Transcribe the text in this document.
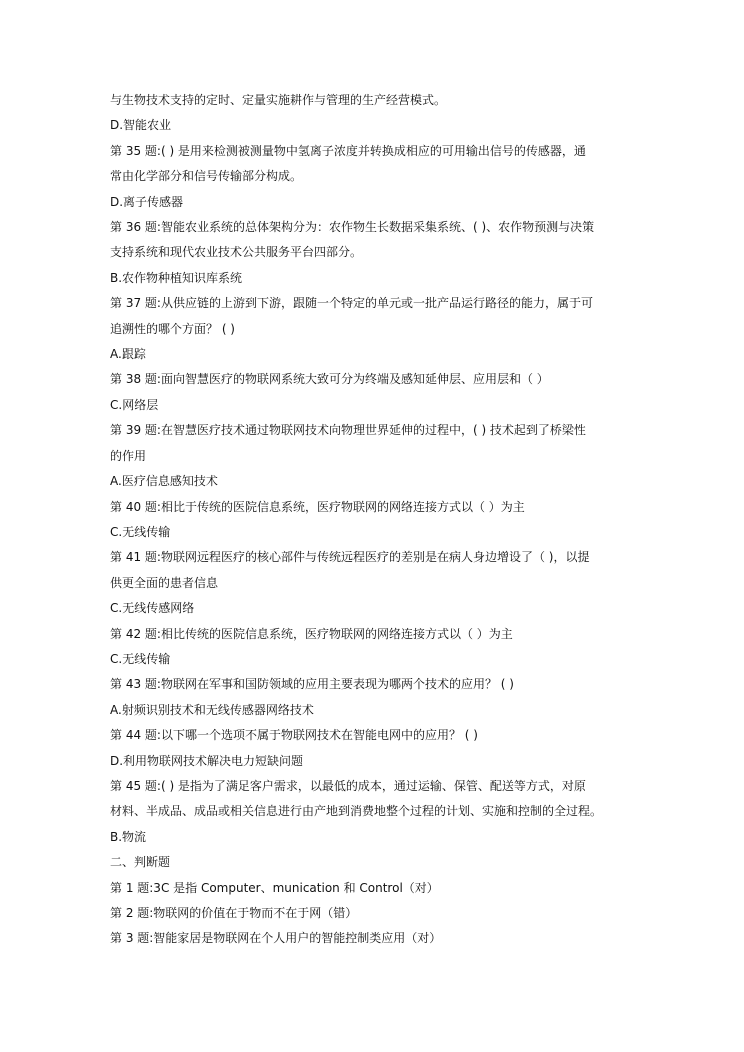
与生物技术支持的定时、定量实施耕作与管理的生产经营模式。
D.智能农业
第 35 题:( ) 是用来检测被测量物中氢离子浓度并转换成相应的可用输出信号的传感器，通
常由化学部分和信号传输部分构成。
D.离子传感器
第 36 题:智能农业系统的总体架构分为：农作物生长数据采集系统、( )、农作物预测与决策
支持系统和现代农业技术公共服务平台四部分。
B.农作物种植知识库系统
第 37 题:从供应链的上游到下游，跟随一个特定的单元或一批产品运行路径的能力，属于可
追溯性的哪个方面？ ( )
A.跟踪
第 38 题:面向智慧医疗的物联网系统大致可分为终端及感知延伸层、应用层和（ ）
C.网络层
第 39 题:在智慧医疗技术通过物联网技术向物理世界延伸的过程中，( ) 技术起到了桥梁性
的作用
A.医疗信息感知技术
第 40 题:相比于传统的医院信息系统，医疗物联网的网络连接方式以（ ）为主
C.无线传输
第 41 题:物联网远程医疗的核心部件与传统远程医疗的差别是在病人身边增设了（ )，以提
供更全面的患者信息
C.无线传感网络
第 42 题:相比传统的医院信息系统，医疗物联网的网络连接方式以（ ）为主
C.无线传输
第 43 题:物联网在军事和国防领域的应用主要表现为哪两个技术的应用？ ( )
A.射频识别技术和无线传感器网络技术
第 44 题:以下哪一个选项不属于物联网技术在智能电网中的应用？ ( )
D.利用物联网技术解决电力短缺问题
第 45 题:( ) 是指为了满足客户需求，以最低的成本，通过运输、保管、配送等方式，对原
材料、半成品、成品或相关信息进行由产地到消费地整个过程的计划、实施和控制的全过程。
B.物流
二、判断题
第 1 题:3C 是指 Computer、munication 和 Control（对）
第 2 题:物联网的价值在于物而不在于网（错）
第 3 题:智能家居是物联网在个人用户的智能控制类应用（对）
